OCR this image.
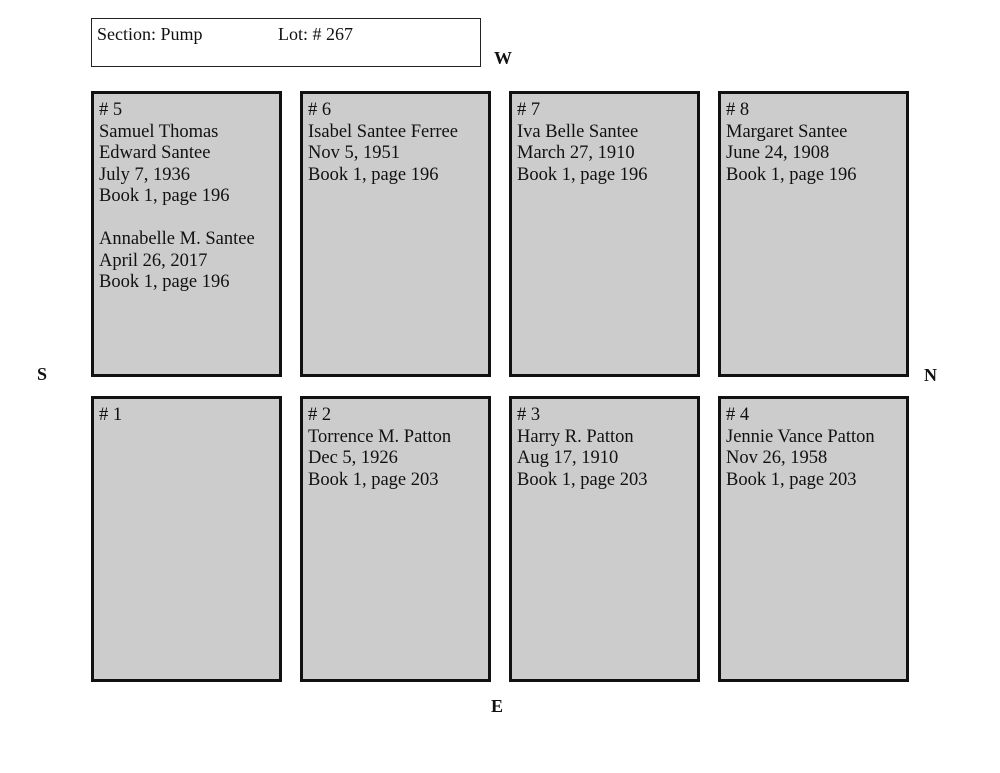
Section: Pump	Lot: # 267
W
S	N
E
# 5
Samuel Thomas
Edward Santee
July 7, 1936
Book 1, page 196
Annabelle M. Santee
April 26, 2017
Book 1, page 196
# 6
Isabel Santee Ferree
Nov 5, 1951
Book 1, page 196
# 7
Iva Belle Santee
March 27, 1910
Book 1, page 196
# 8
Margaret Santee
June 24, 1908
Book 1, page 196
# 1	# 2
Torrence M. Patton
Dec 5, 1926
Book 1, page 203
# 3
Harry R. Patton
Aug 17, 1910
Book 1, page 203
# 4
Jennie Vance Patton
Nov 26, 1958
Book 1, page 203
